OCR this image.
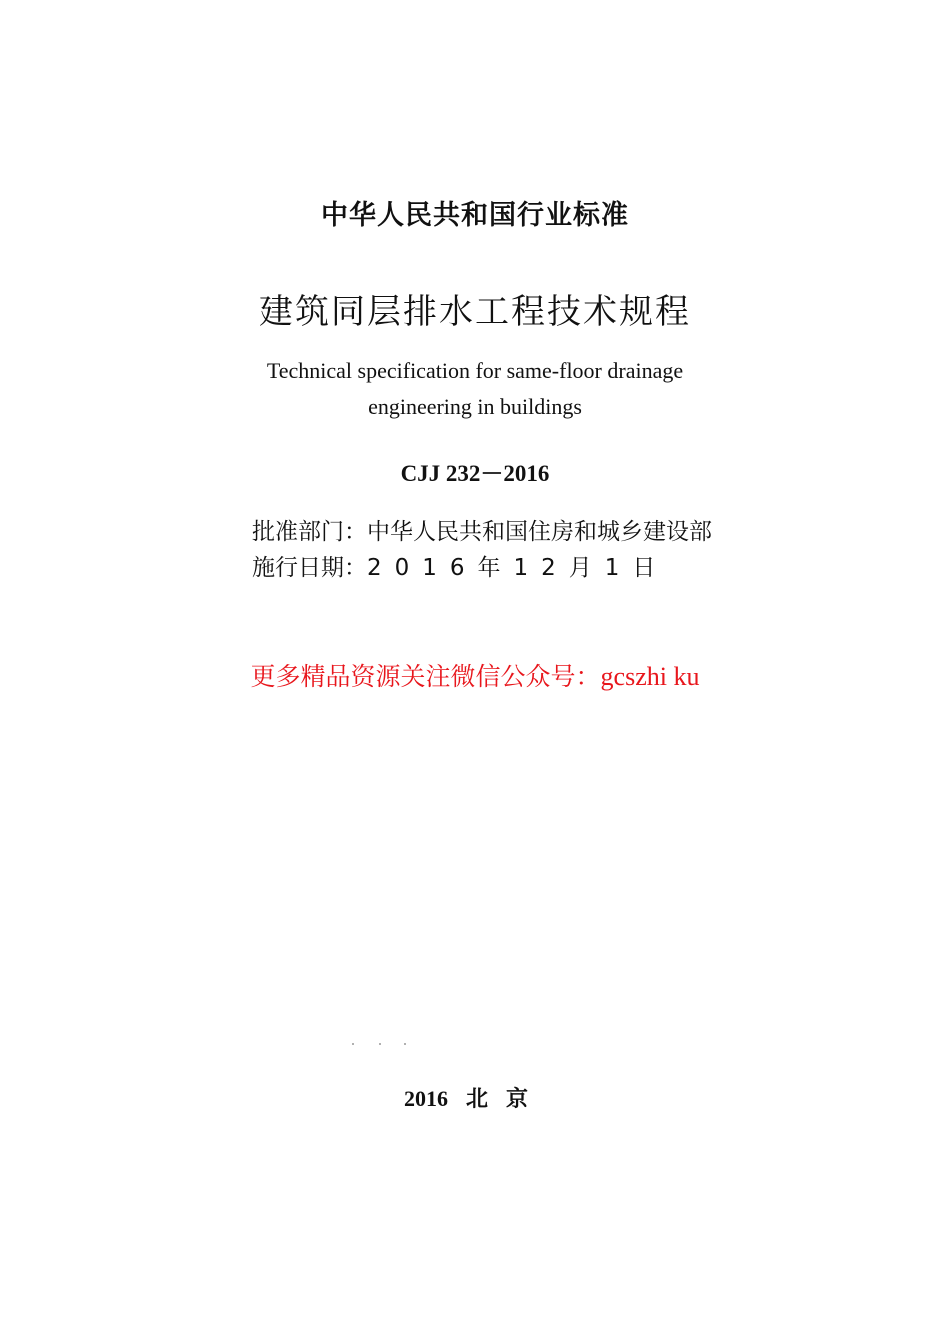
中华人民共和国行业标准
建筑同层排水工程技术规程
Technical specification for same-floor drainage
engineering in buildings
CJJ 232－2016
批准部门：中华人民共和国住房和城乡建设部
施行日期：2016年12月1日
更多精品资源关注微信公众号：gcszhi ku
2016 北京
